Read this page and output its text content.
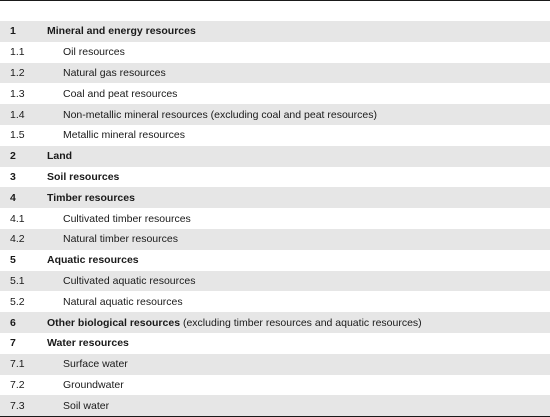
1	Mineral and energy resources
1.1	Oil resources
1.2	Natural gas resources
1.3	Coal and peat resources
1.4	Non-metallic mineral resources (excluding coal and peat resources)
1.5	Metallic mineral resources
2	Land
3	Soil resources
4	Timber resources
4.1	Cultivated timber resources
4.2	Natural timber resources
5	Aquatic resources
5.1	Cultivated aquatic resources
5.2	Natural aquatic resources
6	Other biological resources (excluding timber resources and aquatic resources)
7	Water resources
7.1	Surface water
7.2	Groundwater
7.3	Soil water
